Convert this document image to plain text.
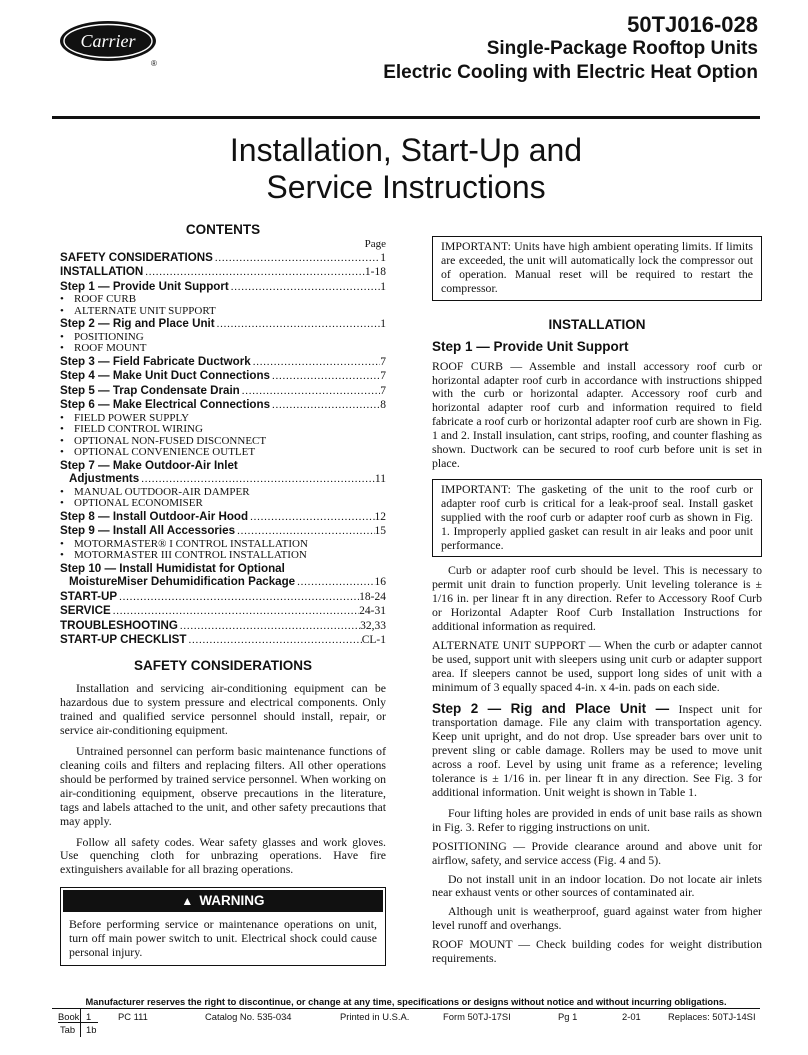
Carrier
®
50TJ016-028
Single-Package Rooftop Units
Electric Cooling with Electric Heat Option
Installation, Start-Up and
Service Instructions
CONTENTS
Page
SAFETY CONSIDERATIONS . . .	1
INSTALLATION . . .	1-18
Step 1 — Provide Unit Support . . .	1
• ROOF CURB
• ALTERNATE UNIT SUPPORT
Step 2 — Rig and Place Unit . . .	1
• POSITIONING
• ROOF MOUNT
Step 3 — Field Fabricate Ductwork . . .	7
Step 4 — Make Unit Duct Connections . . .	7
Step 5 — Trap Condensate Drain . . .	7
Step 6 — Make Electrical Connections . . .	8
• FIELD POWER SUPPLY
• FIELD CONTROL WIRING
• OPTIONAL NON-FUSED DISCONNECT
• OPTIONAL CONVENIENCE OUTLET
Step 7 — Make Outdoor-Air Inlet
Adjustments . . .	11
• MANUAL OUTDOOR-AIR DAMPER
• OPTIONAL ECONOMISER
Step 8 — Install Outdoor-Air Hood . . .	12
Step 9 — Install All Accessories . . .	15
• MOTORMASTER® I CONTROL INSTALLATION
• MOTORMASTER III CONTROL INSTALLATION
Step 10 — Install Humidistat for Optional
MoistureMiser Dehumidification Package . . .	16
START-UP . . .	18-24
SERVICE . . .	24-31
TROUBLESHOOTING . . .	32,33
START-UP CHECKLIST . . .	CL-1
SAFETY CONSIDERATIONS

Installation and servicing air-conditioning equipment can be hazardous due to system pressure and electrical components. Only trained and qualified service personnel should install, repair, or service air-conditioning equipment.

Untrained personnel can perform basic maintenance functions of cleaning coils and filters and replacing filters. All other operations should be performed by trained service personnel. When working on air-conditioning equipment, observe precautions in the literature, tags and labels attached to the unit, and other safety precautions that may apply.

Follow all safety codes. Wear safety glasses and work gloves. Use quenching cloth for unbrazing operations. Have fire extinguishers available for all brazing operations.

▲ WARNING
Before performing service or maintenance operations on unit, turn off main power switch to unit. Electrical shock could cause personal injury.
IMPORTANT: Units have high ambient operating limits. If limits are exceeded, the unit will automatically lock the compressor out of operation. Manual reset will be required to restart the compressor.
INSTALLATION
Step 1 — Provide Unit Support

ROOF CURB — Assemble and install accessory roof curb or horizontal adapter roof curb in accordance with instructions shipped with the curb or horizontal adapter. Accessory roof curb and horizontal adapter roof curb and information required to field fabricate a roof curb or horizontal adapter roof curb are shown in Fig. 1 and 2. Install insulation, cant strips, roofing, and counter flashing as shown. Ductwork can be secured to roof curb before unit is set in place.

IMPORTANT: The gasketing of the unit to the roof curb or adapter roof curb is critical for a leak-proof seal. Install gasket supplied with the roof curb or adapter roof curb as shown in Fig. 1. Improperly applied gasket can result in air leaks and poor unit performance.

Curb or adapter roof curb should be level. This is necessary to permit unit drain to function properly. Unit leveling tolerance is ± 1/16 in. per linear ft in any direction. Refer to Accessory Roof Curb or Horizontal Adapter Roof Curb Installation Instructions for additional information as required.

ALTERNATE UNIT SUPPORT — When the curb or adapter cannot be used, support unit with sleepers using unit curb or adapter support area. If sleepers cannot be used, support long sides of unit with a minimum of 3 equally spaced 4-in. x 4-in. pads on each side.

Step 2 — Rig and Place Unit — Inspect unit for transportation damage. File any claim with transportation agency. Keep unit upright, and do not drop. Use spreader bars over unit to prevent sling or cable damage. Rollers may be used to move unit across a roof. Level by using unit frame as a reference; leveling tolerance is ± 1/16 in. per linear ft in any direction. See Fig. 3 for additional information. Unit weight is shown in Table 1.

Four lifting holes are provided in ends of unit base rails as shown in Fig. 3. Refer to rigging instructions on unit.

POSITIONING — Provide clearance around and above unit for airflow, safety, and service access (Fig. 4 and 5).

Do not install unit in an indoor location. Do not locate air inlets near exhaust vents or other sources of contaminated air.

Although unit is weatherproof, guard against water from higher level runoff and overhangs.

ROOF MOUNT — Check building codes for weight distribution requirements.

Manufacturer reserves the right to discontinue, or change at any time, specifications or designs without notice and without incurring obligations.
Book 1
Tab 1b
PC 111	Catalog No. 535-034	Printed in U.S.A.	Form 50TJ-17SI	Pg 1	2-01	Replaces: 50TJ-14SI
